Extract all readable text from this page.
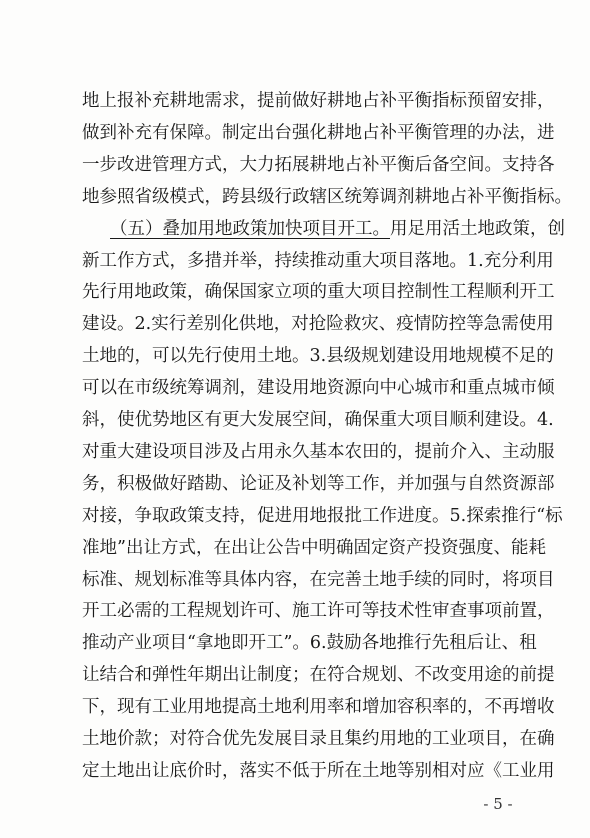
地上报补充耕地需求，提前做好耕地占补平衡指标预留安排，
做到补充有保障。制定出台强化耕地占补平衡管理的办法，进
一步改进管理方式，大力拓展耕地占补平衡后备空间。支持各
地参照省级模式，跨县级行政辖区统筹调剂耕地占补平衡指标。
（五）叠加用地政策加快项目开工。用足用活土地政策，创
新工作方式，多措并举，持续推动重大项目落地。1.充分利用
先行用地政策，确保国家立项的重大项目控制性工程顺利开工
建设。2.实行差别化供地，对抢险救灾、疫情防控等急需使用
土地的，可以先行使用土地。3.县级规划建设用地规模不足的
可以在市级统筹调剂，建设用地资源向中心城市和重点城市倾
斜，使优势地区有更大发展空间，确保重大项目顺利建设。4.
对重大建设项目涉及占用永久基本农田的，提前介入、主动服
务，积极做好踏勘、论证及补划等工作，并加强与自然资源部
对接，争取政策支持，促进用地报批工作进度。5.探索推行“标
准地”出让方式，在出让公告中明确固定资产投资强度、能耗
标准、规划标准等具体内容，在完善土地手续的同时，将项目
开工必需的工程规划许可、施工许可等技术性审查事项前置，
推动产业项目“拿地即开工”。6.鼓励各地推行先租后让、租
让结合和弹性年期出让制度；在符合规划、不改变用途的前提
下，现有工业用地提高土地利用率和增加容积率的，不再增收
土地价款；对符合优先发展目录且集约用地的工业项目，在确
定土地出让底价时，落实不低于所在土地等别相对应《工业用
- 5 -
